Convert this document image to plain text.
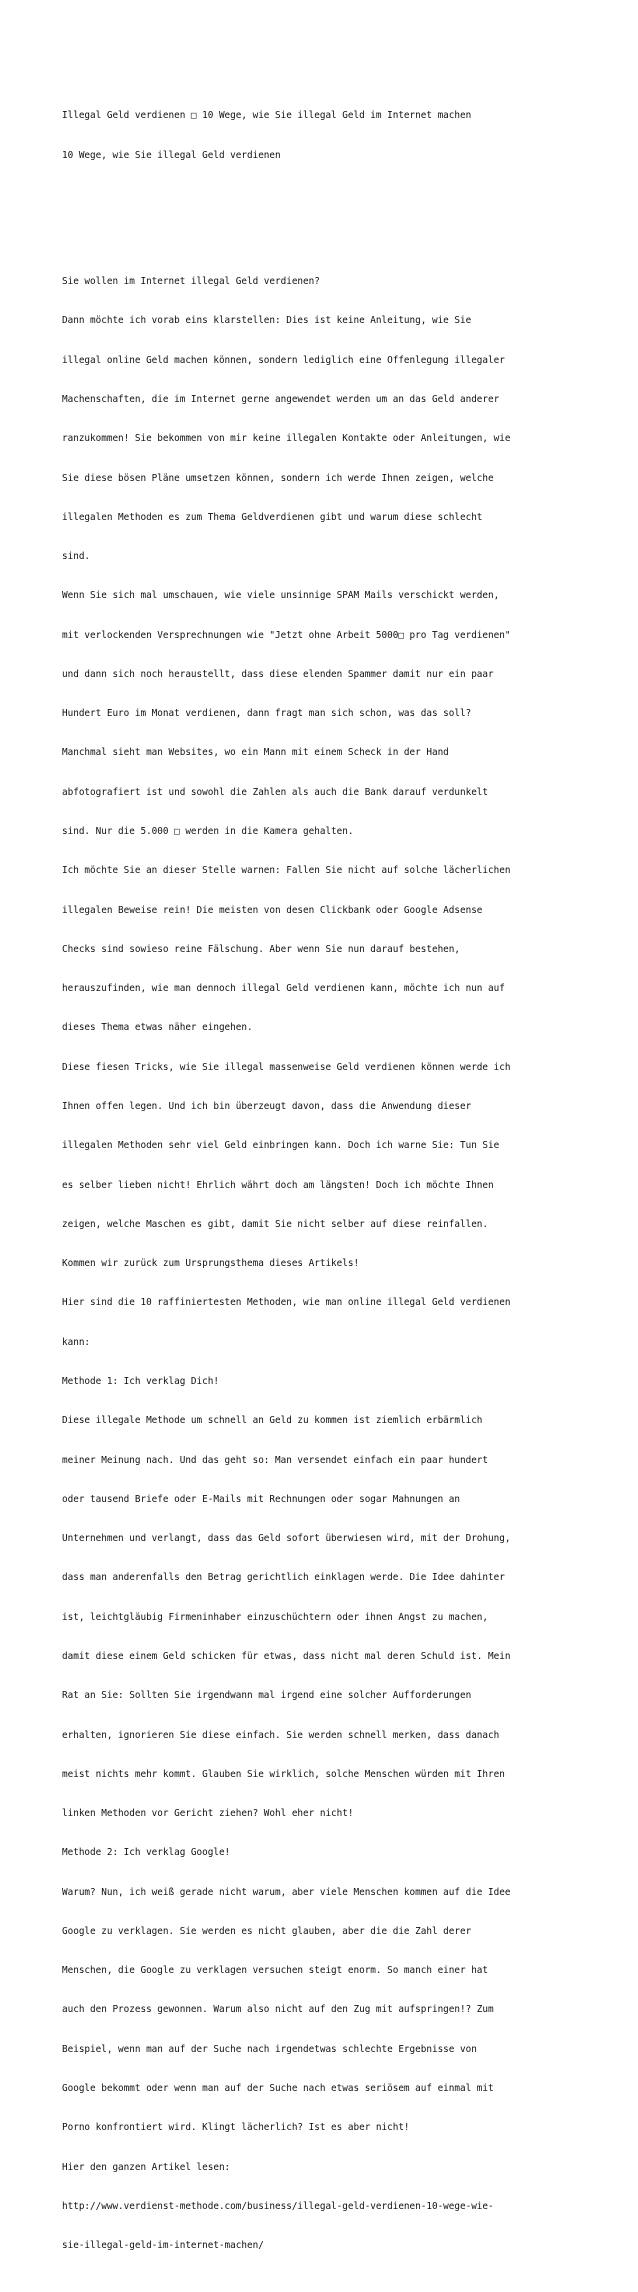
Illegal Geld verdienen □ 10 Wege, wie Sie illegal Geld im Internet machen

10 Wege, wie Sie illegal Geld verdienen

Sie wollen im Internet illegal Geld verdienen?

Dann möchte ich vorab eins klarstellen: Dies ist keine Anleitung, wie Sie

illegal online Geld machen können, sondern lediglich eine Offenlegung illegaler

Machenschaften, die im Internet gerne angewendet werden um an das Geld anderer

ranzukommen! Sie bekommen von mir keine illegalen Kontakte oder Anleitungen, wie

Sie diese bösen Pläne umsetzen können, sondern ich werde Ihnen zeigen, welche

illegalen Methoden es zum Thema Geldverdienen gibt und warum diese schlecht

sind.

Wenn Sie sich mal umschauen, wie viele unsinnige SPAM Mails verschickt werden,

mit verlockenden Versprechnungen wie "Jetzt ohne Arbeit 5000□ pro Tag verdienen"

und dann sich noch heraustellt, dass diese elenden Spammer damit nur ein paar

Hundert Euro im Monat verdienen, dann fragt man sich schon, was das soll?

Manchmal sieht man Websites, wo ein Mann mit einem Scheck in der Hand

abfotografiert ist und sowohl die Zahlen als auch die Bank darauf verdunkelt

sind. Nur die 5.000 □ werden in die Kamera gehalten.

Ich möchte Sie an dieser Stelle warnen: Fallen Sie nicht auf solche lächerlichen

illegalen Beweise rein! Die meisten von desen Clickbank oder Google Adsense

Checks sind sowieso reine Fälschung. Aber wenn Sie nun darauf bestehen,

herauszufinden, wie man dennoch illegal Geld verdienen kann, möchte ich nun auf

dieses Thema etwas näher eingehen.

Diese fiesen Tricks, wie Sie illegal massenweise Geld verdienen können werde ich

Ihnen offen legen. Und ich bin überzeugt davon, dass die Anwendung dieser

illegalen Methoden sehr viel Geld einbringen kann. Doch ich warne Sie: Tun Sie

es selber lieben nicht! Ehrlich währt doch am längsten! Doch ich möchte Ihnen

zeigen, welche Maschen es gibt, damit Sie nicht selber auf diese reinfallen.

Kommen wir zurück zum Ursprungsthema dieses Artikels!

Hier sind die 10 raffiniertesten Methoden, wie man online illegal Geld verdienen

kann:

Methode 1: Ich verklag Dich!

Diese illegale Methode um schnell an Geld zu kommen ist ziemlich erbärmlich

meiner Meinung nach. Und das geht so: Man versendet einfach ein paar hundert

oder tausend Briefe oder E-Mails mit Rechnungen oder sogar Mahnungen an

Unternehmen und verlangt, dass das Geld sofort überwiesen wird, mit der Drohung,

dass man anderenfalls den Betrag gerichtlich einklagen werde. Die Idee dahinter

ist, leichtgläubig Firmeninhaber einzuschüchtern oder ihnen Angst zu machen,

damit diese einem Geld schicken für etwas, dass nicht mal deren Schuld ist. Mein

Rat an Sie: Sollten Sie irgendwann mal irgend eine solcher Aufforderungen

erhalten, ignorieren Sie diese einfach. Sie werden schnell merken, dass danach

meist nichts mehr kommt. Glauben Sie wirklich, solche Menschen würden mit Ihren

linken Methoden vor Gericht ziehen? Wohl eher nicht!

Methode 2: Ich verklag Google!

Warum? Nun, ich weiß gerade nicht warum, aber viele Menschen kommen auf die Idee

Google zu verklagen. Sie werden es nicht glauben, aber die die Zahl derer

Menschen, die Google zu verklagen versuchen steigt enorm. So manch einer hat

auch den Prozess gewonnen. Warum also nicht auf den Zug mit aufspringen!? Zum

Beispiel, wenn man auf der Suche nach irgendetwas schlechte Ergebnisse von

Google bekommt oder wenn man auf der Suche nach etwas seriösem auf einmal mit

Porno konfrontiert wird. Klingt lächerlich? Ist es aber nicht!

Hier den ganzen Artikel lesen:

http://www.verdienst-methode.com/business/illegal-geld-verdienen-10-wege-wie-

sie-illegal-geld-im-internet-machen/
